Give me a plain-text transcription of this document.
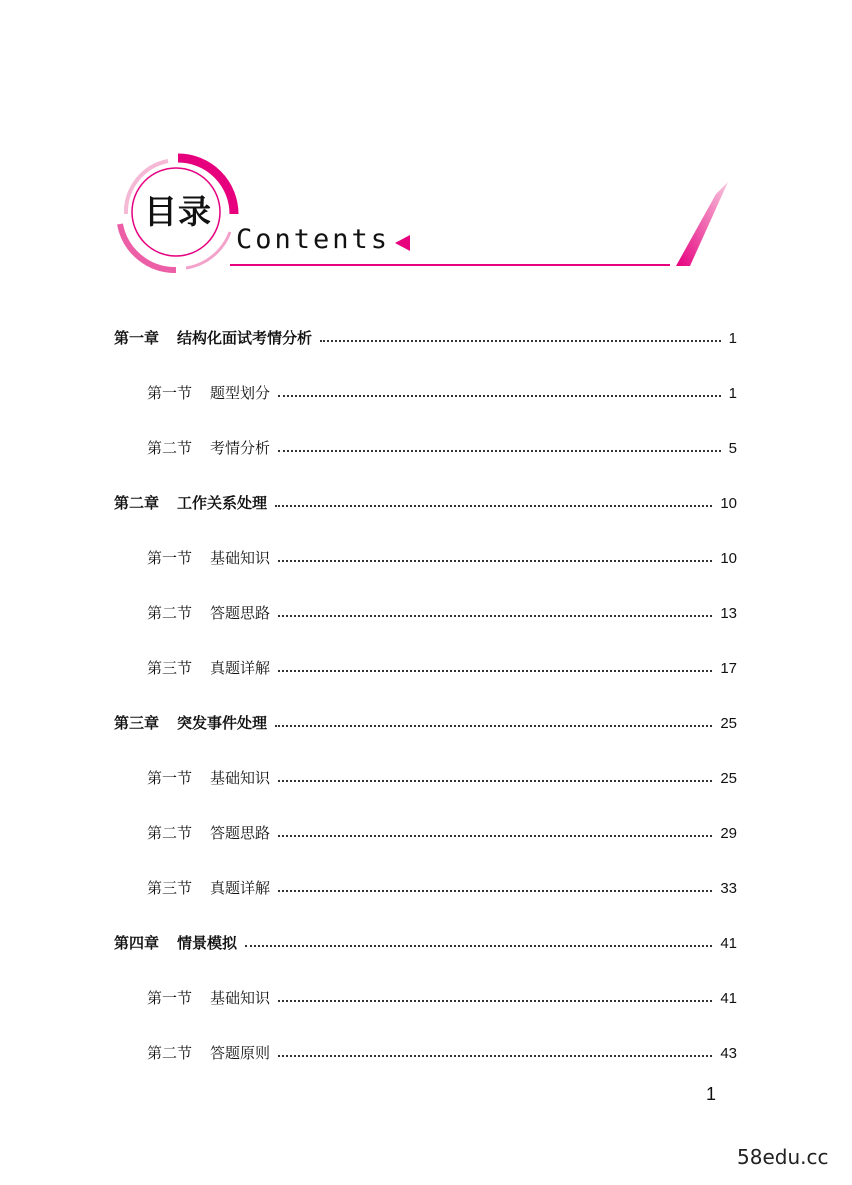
目录
Contents
第一章 结构化面试考情分析	1
第一节 题型划分	1
第二节 考情分析	5
第二章 工作关系处理	10
第一节 基础知识	10
第二节 答题思路	13
第三节 真题详解	17
第三章 突发事件处理	25
第一节 基础知识	25
第二节 答题思路	29
第三节 真题详解	33
第四章 情景模拟	41
第一节 基础知识	41
第二节 答题原则	43
1
58edu.cc
